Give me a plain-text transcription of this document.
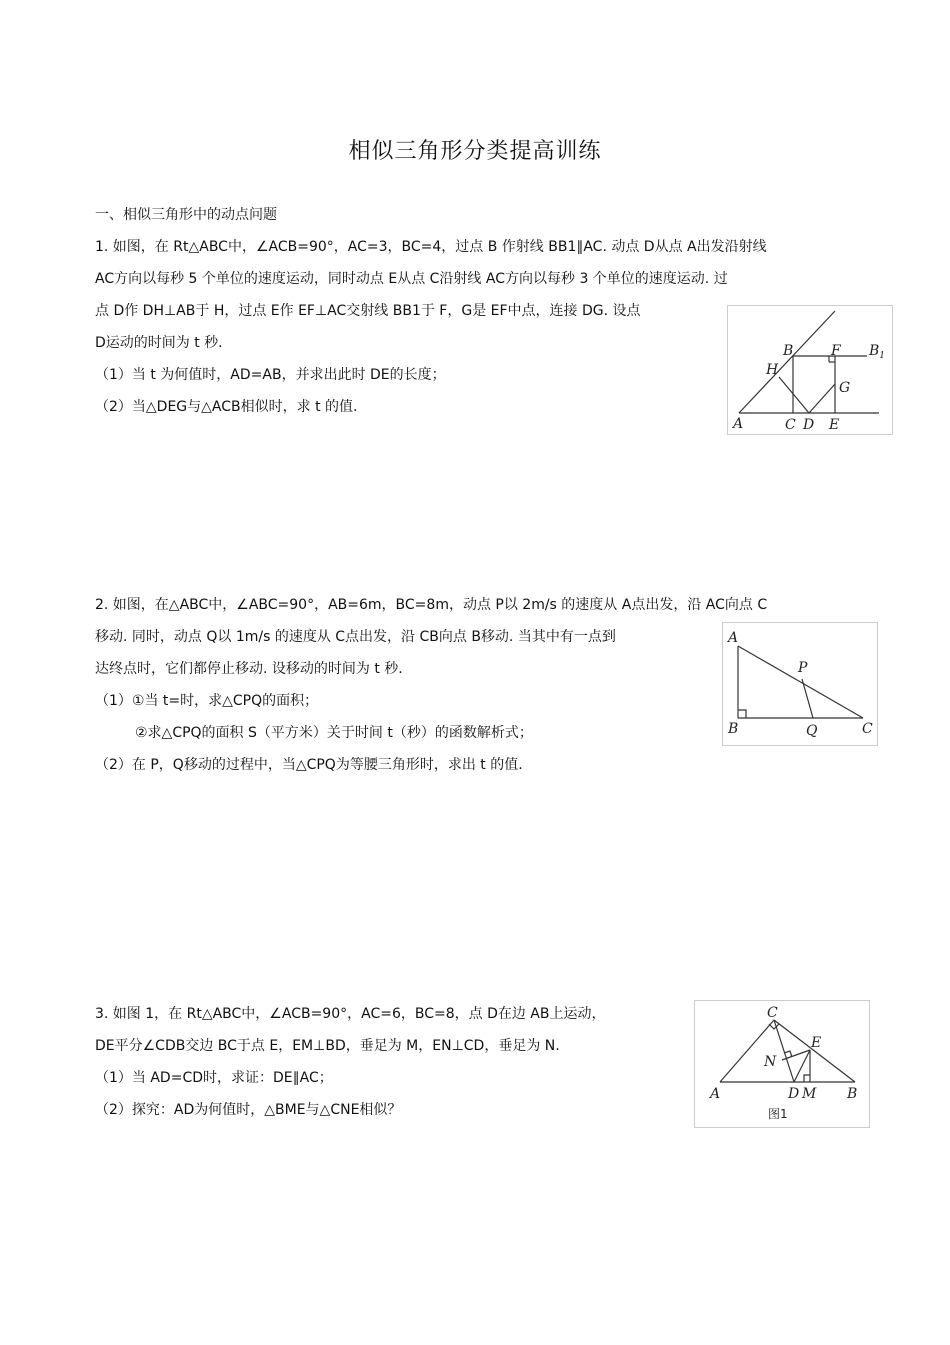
相似三角形分类提高训练
一、相似三角形中的动点问题
1. 如图，在 Rt△ABC中，∠ACB=90°，AC=3，BC=4，过点 B 作射线 BB1∥AC. 动点 D从点 A出发沿射线
AC方向以每秒 5 个单位的速度运动，同时动点 E从点 C沿射线 AC方向以每秒 3 个单位的速度运动. 过
点 D作 DH⊥AB于 H，过点 E作 EF⊥AC交射线 BB1于 F，G是 EF中点，连接 DG. 设点
D运动的时间为 t 秒.
（1）当 t 为何值时，AD=AB，并求出此时 DE的长度；
（2）当△DEG与△ACB相似时，求 t 的值.
B	F $B_1$
H
G
A	C D E
2. 如图，在△ABC中，∠ABC=90°，AB=6m，BC=8m，动点 P以 2m/s 的速度从 A点出发，沿 AC向点 C
移动. 同时，动点 Q以 1m/s 的速度从 C点出发，沿 CB向点 B移动. 当其中有一点到
达终点时，它们都停止移动. 设移动的时间为 t 秒.
（1）①当 t=时，求△CPQ的面积；
②求△CPQ的面积 S（平方米）关于时间 t（秒）的函数解析式；
（2）在 P，Q移动的过程中，当△CPQ为等腰三角形时，求出 t 的值.
A
P
B	Q	C
3. 如图 1，在 Rt△ABC中，∠ACB=90°，AC=6，BC=8，点 D在边 AB上运动，
DE平分∠CDB交边 BC于点 E，EM⊥BD，垂足为 M，EN⊥CD，垂足为 N.
（1）当 AD=CD时，求证：DE∥AC；
（2）探究：AD为何值时，△BME与△CNE相似？
C
E
N
A	D M B
图1
